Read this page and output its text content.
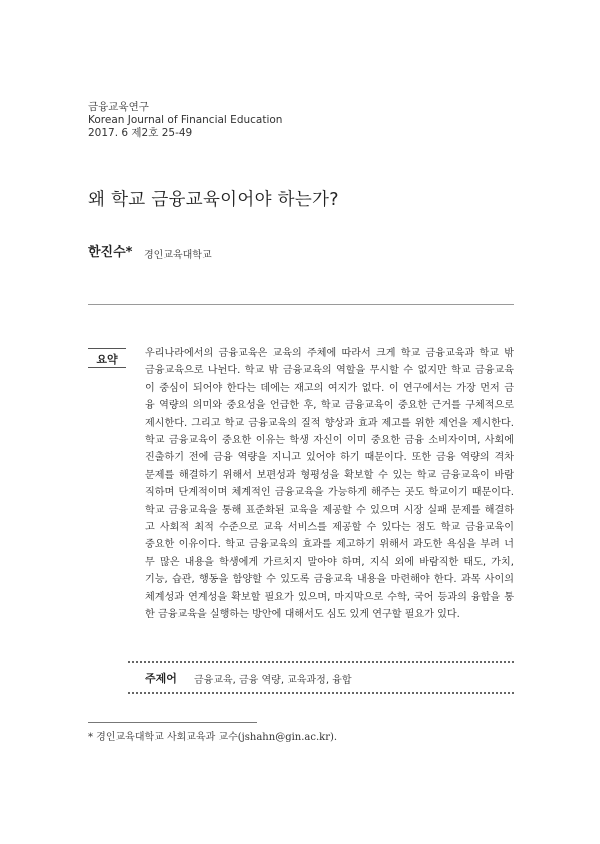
금융교육연구
Korean Journal of Financial Education
2017. 6 제2호 25-49
왜 학교 금융교육이어야 하는가?
한진수* 경인교육대학교
요약	우리나라에서의 금융교육은 교육의 주체에 따라서 크게 학교 금융교육과 학교 밖
금융교육으로 나뉜다. 학교 밖 금융교육의 역할을 무시할 수 없지만 학교 금융교육
이 중심이 되어야 한다는 데에는 재고의 여지가 없다. 이 연구에서는 가장 먼저 금
융 역량의 의미와 중요성을 언급한 후, 학교 금융교육이 중요한 근거를 구체적으로
제시한다. 그리고 학교 금융교육의 질적 향상과 효과 제고를 위한 제언을 제시한다.
학교 금융교육이 중요한 이유는 학생 자신이 이미 중요한 금융 소비자이며, 사회에
진출하기 전에 금융 역량을 지니고 있어야 하기 때문이다. 또한 금융 역량의 격차
문제를 해결하기 위해서 보편성과 형평성을 확보할 수 있는 학교 금융교육이 바람
직하며 단계적이며 체계적인 금융교육을 가능하게 해주는 곳도 학교이기 때문이다.
학교 금융교육을 통해 표준화된 교육을 제공할 수 있으며 시장 실패 문제를 해결하
고 사회적 최적 수준으로 교육 서비스를 제공할 수 있다는 점도 학교 금융교육이
중요한 이유이다. 학교 금융교육의 효과를 제고하기 위해서 과도한 욕심을 부려 너
무 많은 내용을 학생에게 가르치지 말아야 하며, 지식 외에 바람직한 태도, 가치,
기능, 습관, 행동을 함양할 수 있도록 금융교육 내용을 마련해야 한다. 과목 사이의
체계성과 연계성을 확보할 필요가 있으며, 마지막으로 수학, 국어 등과의 융합을 통
한 금융교육을 실행하는 방안에 대해서도 심도 있게 연구할 필요가 있다.
주제어 금융교육, 금융 역량, 교육과정, 융합
* 경인교육대학교 사회교육과 교수(jshahn@gin.ac.kr).
